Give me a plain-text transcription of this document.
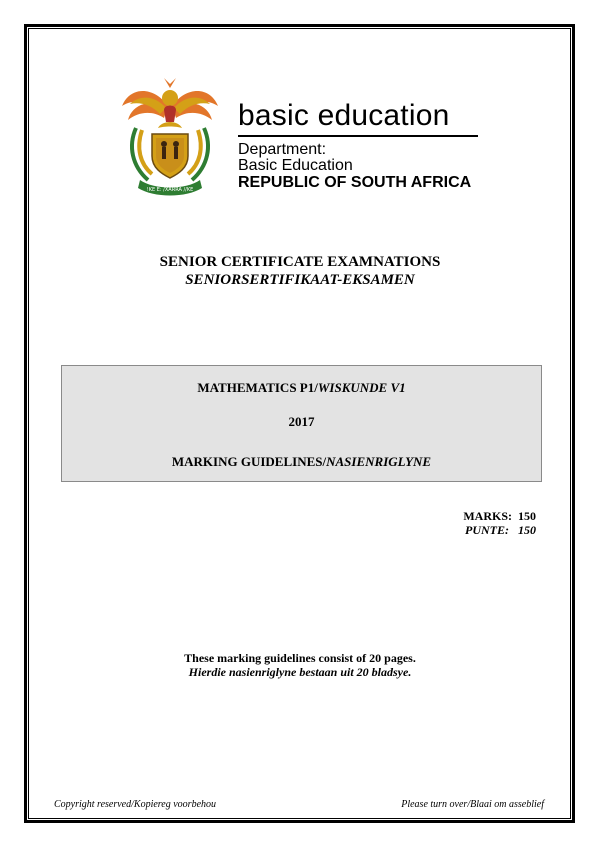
!KE E: /XARRA //KE
basic education
Department:
Basic Education
REPUBLIC OF SOUTH AFRICA
SENIOR CERTIFICATE EXAMNATIONS
SENIORSERTIFIKAAT-EKSAMEN
MATHEMATICS P1/WISKUNDE V1
2017
MARKING GUIDELINES/NASIENRIGLYNE
MARKS: 150
PUNTE: 150
These marking guidelines consist of 20 pages.
Hierdie nasienriglyne bestaan uit 20 bladsye.
Copyright reserved/Kopiereg voorbehou	Please turn over/Blaai om asseblief
